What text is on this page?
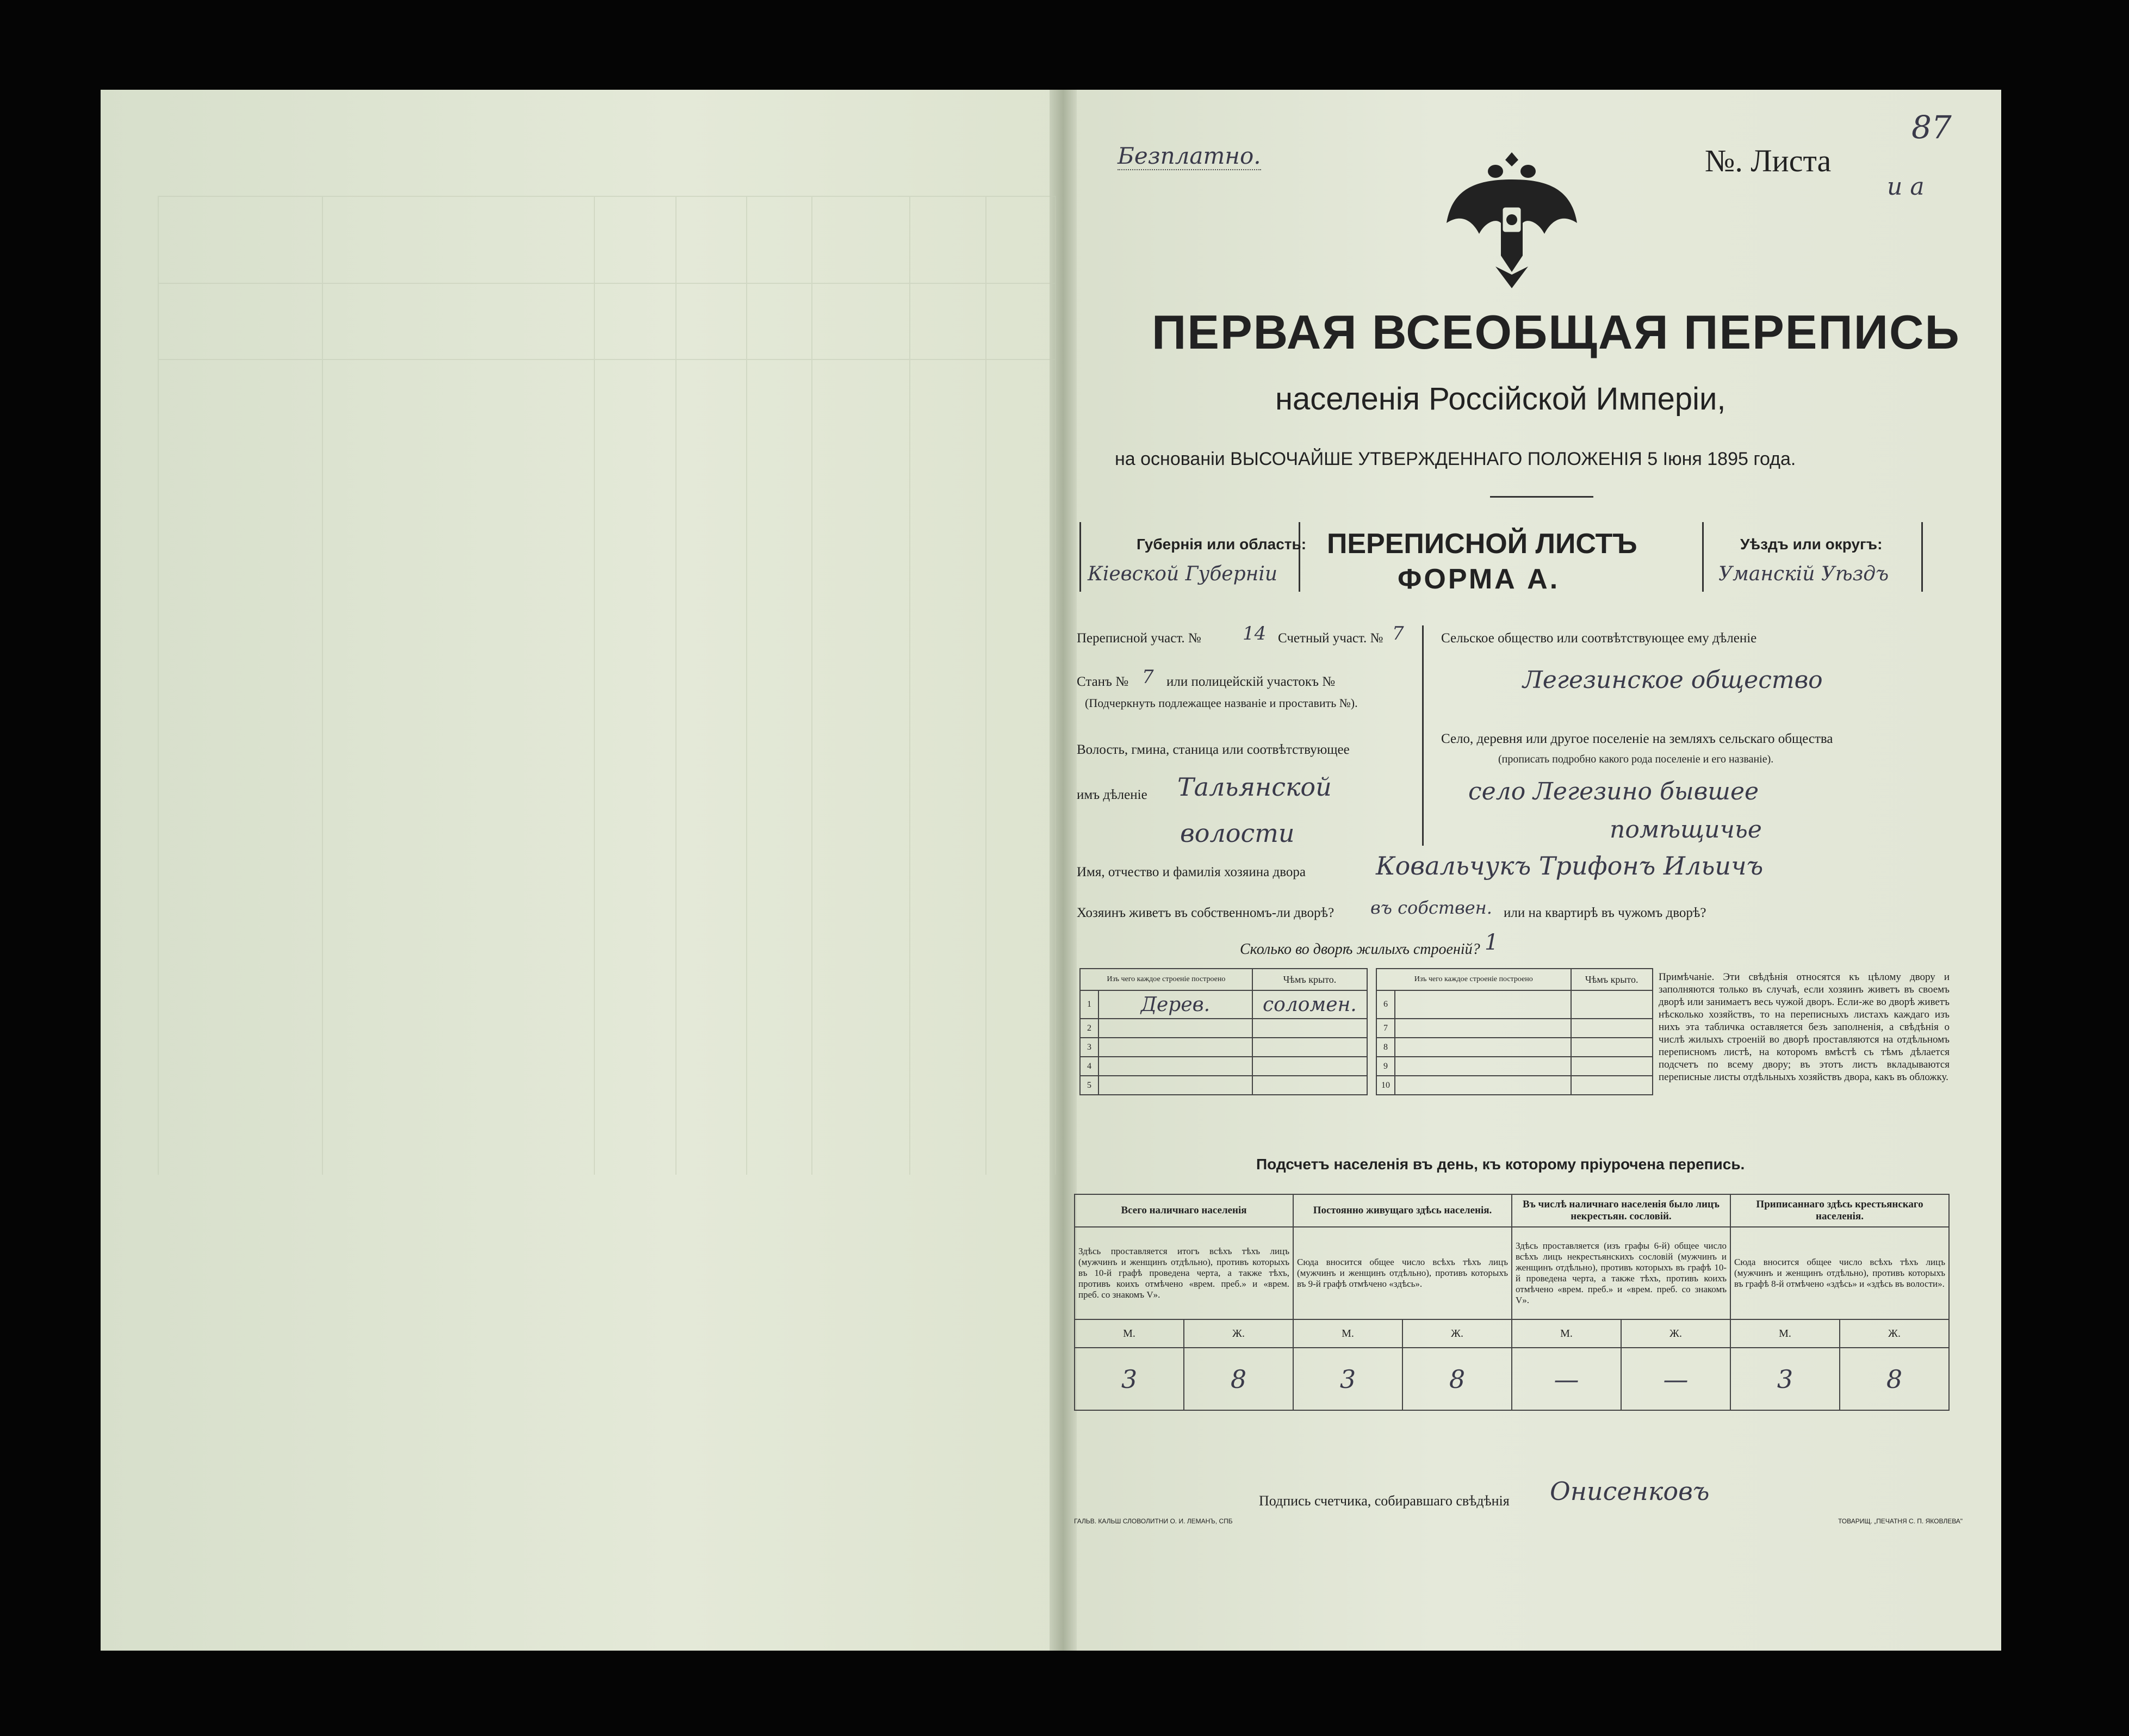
Безплатно.	№. Листа
87
и а
ПЕРВАЯ ВСЕОБЩАЯ ПЕРЕПИСЬ
населенія Россійской Имперіи,
на основаніи ВЫСОЧАЙШЕ УТВЕРЖДЕННАГО ПОЛОЖЕНІЯ 5 Іюня 1895 года.
Губернія или область:
Кіевской Губерніи
ПЕРЕПИСНОЙ ЛИСТЪ
ФОРМА А.
Уѣздъ или округъ:
Уманскій Уѣздъ
Переписной участ. № 14 Счетный участ. № 7
Станъ № 7 или полицейскій участокъ №
(Подчеркнуть подлежащее названіе и проставить №).
Волость, гмина, станица или соотвѣтствующее
имъ дѣленіе Тальянской
волости
Сельское общество или соотвѣтствующее ему дѣленіе
Легезинское общество
Село, деревня или другое поселеніе на земляхъ сельскаго общества
(прописать подробно какого рода поселеніе и его названіе).
село Легезино бывшее
помѣщичье
Имя, отчество и фамилія хозяина двора	Ковальчукъ Трифонъ Ильичъ
Хозяинъ живетъ въ собственномъ-ли дворѣ? въ собствен. или на квартирѣ въ чужомъ дворѣ?
Сколько во дворѣ жилыхъ строеній? 1
Изъ чего каждое строеніе построено		Чѣмъ крыто.
1	Дерев.	соломен.
2		
3		
4		
5		
Изъ чего каждое строеніе построено		Чѣмъ крыто.
6		
7		
8		
9		
10		
Примѣчаніе. Эти свѣдѣнія относятся къ цѣлому двору и заполняются только въ случаѣ, если хозяинъ живетъ въ своемъ дворѣ или занимаетъ весь чужой дворъ. Если-же во дворѣ живетъ нѣсколько хозяйствъ, то на переписныхъ листахъ каждаго изъ нихъ эта табличка оставляется безъ заполненія, а свѣдѣнія о числѣ жилыхъ строеній во дворѣ проставляются на отдѣльномъ переписномъ листѣ, на которомъ вмѣстѣ съ тѣмъ дѣлается подсчетъ по всему двору; въ этотъ листъ вкладываются переписные листы отдѣльныхъ хозяйствъ двора, какъ въ обложку.
Подсчетъ населенія въ день, къ которому пріурочена перепись.
Всего наличнаго населенія		Постоянно живущаго здѣсь населенія.		Въ числѣ наличнаго населенія было лицъ некрестьян. сословій.		Приписаннаго здѣсь крестьянскаго населенія.	
Здѣсь проставляется итогъ всѣхъ тѣхъ лицъ (мужчинъ и женщинъ отдѣльно), противъ которыхъ въ 10-й графѣ проведена черта, а также тѣхъ, противъ коихъ отмѣчено «врем. преб.» и «врем. преб. со знакомъ V».		Сюда вносится общее число всѣхъ тѣхъ лицъ (мужчинъ и женщинъ отдѣльно), противъ которыхъ въ 9-й графѣ отмѣчено «здѣсь».		Здѣсь проставляется (изъ графы 6-й) общее число всѣхъ лицъ некрестьянскихъ сословій (мужчинъ и женщинъ отдѣльно), противъ которыхъ въ графѣ 10-й проведена черта, а также тѣхъ, противъ коихъ отмѣчено «врем. преб.» и «врем. преб. со знакомъ V».		Сюда вносится общее число всѣхъ тѣхъ лицъ (мужчинъ и женщинъ отдѣльно), противъ которыхъ въ графѣ 8-й отмѣчено «здѣсь» и «здѣсь въ волости».	
М.	Ж.	М.	Ж.	М.	Ж.	М.	Ж.
3	8	3	8	—	—	3	8
Подпись счетчика, собиравшаго свѣдѣнія Онисенковъ
ГАЛЬВ. КАЛЬШ СЛОВОЛИТНИ О. И. ЛЕМАНЪ, СПБ	ТОВАРИЩ. „ПЕЧАТНЯ С. П. ЯКОВЛЕВА"
